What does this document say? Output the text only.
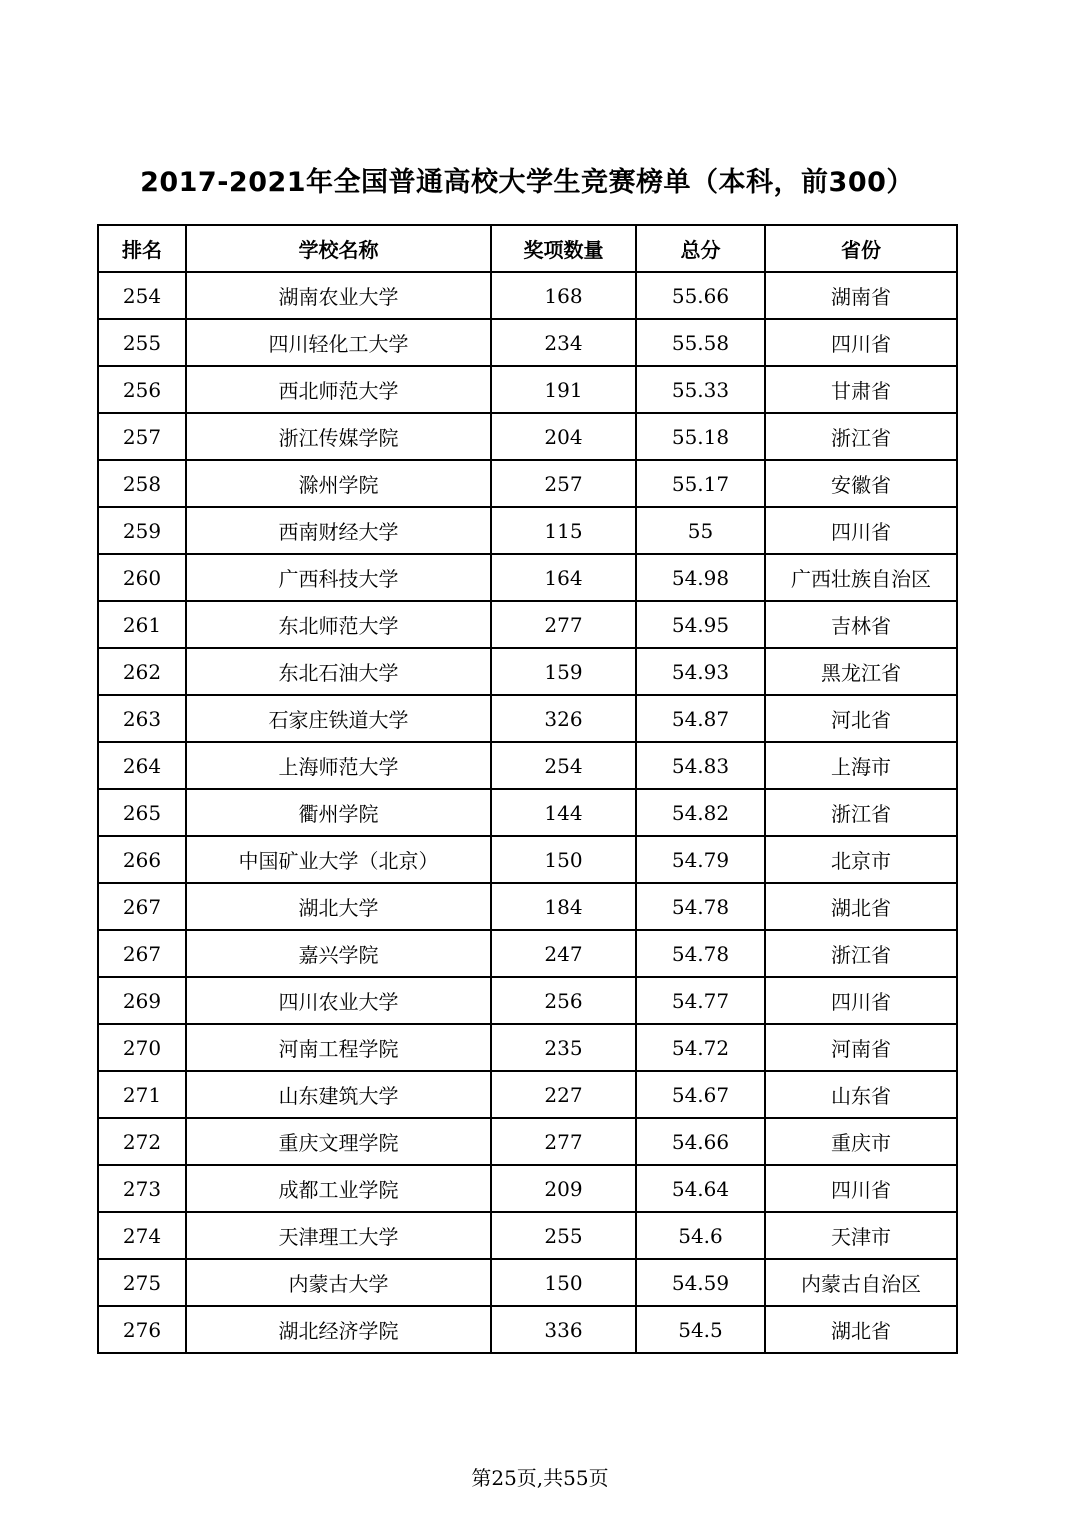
2017-2021年全国普通高校大学生竞赛榜单（本科，前300）
排名	学校名称	奖项数量	总分	省份
254	湖南农业大学	168	55.66	湖南省
255	四川轻化工大学	234	55.58	四川省
256	西北师范大学	191	55.33	甘肃省
257	浙江传媒学院	204	55.18	浙江省
258	滁州学院	257	55.17	安徽省
259	西南财经大学	115	55	四川省
260	广西科技大学	164	54.98	广西壮族自治区
261	东北师范大学	277	54.95	吉林省
262	东北石油大学	159	54.93	黑龙江省
263	石家庄铁道大学	326	54.87	河北省
264	上海师范大学	254	54.83	上海市
265	衢州学院	144	54.82	浙江省
266	中国矿业大学（北京）	150	54.79	北京市
267	湖北大学	184	54.78	湖北省
267	嘉兴学院	247	54.78	浙江省
269	四川农业大学	256	54.77	四川省
270	河南工程学院	235	54.72	河南省
271	山东建筑大学	227	54.67	山东省
272	重庆文理学院	277	54.66	重庆市
273	成都工业学院	209	54.64	四川省
274	天津理工大学	255	54.6	天津市
275	内蒙古大学	150	54.59	内蒙古自治区
276	湖北经济学院	336	54.5	湖北省
第25页,共55页
